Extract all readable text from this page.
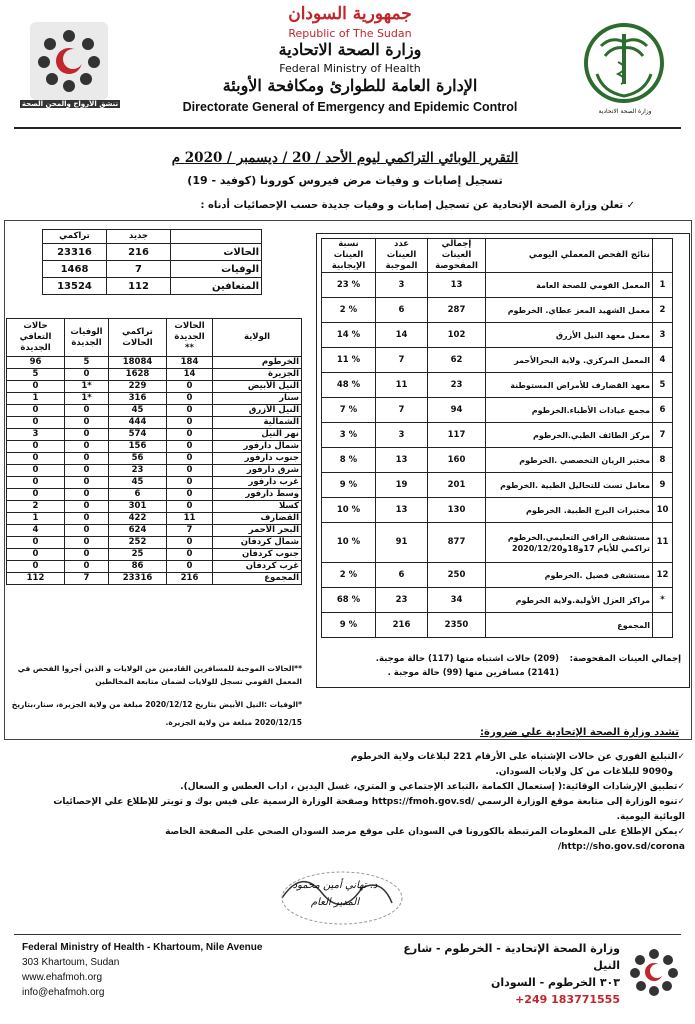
تنشق الأرواح والمحن الصحة
وزارة الصحة الاتحادية
جمهورية السودان
Republic of The Sudan
وزارة الصحة الاتحادية
Federal Ministry of Health
الإدارة العامة للطوارئ ومكافحة الأوبئة
Directorate General of Emergency and Epidemic Control
التقرير الوبائي التراكمي ليوم الأحد / 20 / ديسمبر / 2020 م
تسجيل إصابات و وفيات مرض فيروس كورونا (كوفيد - 19)
✓ تعلن وزارة الصحة الإتحادية عن تسجيل إصابات و وفيات جديدة حسب الإحصائيات أدناه :
تراكمي	جديد	
23316	216	الحالات
1468	7	الوفيات
13524	112	المتعافين
حالات التعافي الجديدة	الوفيات الجديدة	تراكمي الحالات	الحالات الجديدة **	الولاية
96	5	18084	184	الخرطوم
5	0	1628	14	الجزيرة
0	1*	229	0	النيل الأبيض
1	1*	316	0	سنار
0	0	45	0	النيل الأزرق
0	0	444	0	الشمالية
3	0	574	0	نهر النيل
0	0	156	0	شمال دارفور
0	0	56	0	جنوب دارفور
0	0	23	0	شرق دارفور
0	0	45	0	غرب دارفور
0	0	6	0	وسط دارفور
2	0	301	0	كسلا
1	0	422	11	القضارف
4	0	624	7	البحر الأحمر
0	0	252	0	شمال كردفان
0	0	25	0	جنوب كردفان
0	0	86	0	غرب كردفان
112	7	23316	216	المجموع
**الحالات الموجبة للمسافرين القادمين من الولايات و الذين أجروا الفحص في المعمل القومي تسجل للولايات لضمان متابعة المخالطين
*الوفيات :النيل الأبيض بتاريخ 2020/12/12 مبلغة من ولاية الجزيرة، سنار،بتاريخ
2020/12/15 مبلغة من ولاية الجزيرة.
نسبة العينات الإيجابية	عدد العينات الموجبة	إجمالي العينات المفحوصة	نتائج الفحص المعملي اليومي	
23 %	3	13	المعمل القومي للصحة العامة	1
2 %	6	287	معمل الشهيد المعز عطاي. الخرطوم	2
14 %	14	102	معمل معهد النيل الأزرق	3
11 %	7	62	المعمل المركزي. ولاية البحرالأحمر	4
48 %	11	23	معهد القضارف للأمراض المستوطنة	5
7 %	7	94	مجمع عيادات الأطباء.الخرطوم	6
3 %	3	117	مركز الطائف الطبي.الخرطوم	7
8 %	13	160	مختبر الريان التخصصي .الخرطوم	8
9 %	19	201	معامل تست للتحاليل الطبية .الخرطوم	9
10 %	13	130	مختبرات البرج الطبية. الخرطوم	10
10 %	91	877	مستشفى الراقي التعليمي.الخرطوم تراكمي للأيام 17و18و2020/12/20	11
2 %	6	250	مستشفى فضيل .الخرطوم	12
68 %	23	34	مراكز العزل الأولية.ولاية الخرطوم	*
9 %	216	2350	المجموع	
إجمالي العينات المفحوصة:
(209) حالات اشتباه منها (117) حالة موجبة.
(2141) مسافرين منها (99) حالة موجبة .
تشدد وزارة الصحة الإتحادية علي ضرورة:
✓التبليغ الفوري عن حالات الإشتباه على الأرقام 221 لبلاغات ولاية الخرطوم
و9090 للبلاغات من كل ولايات السودان.
✓تطبيق الإرشادات الوقائية:( إستعمال الكمامة ،التباعد الإجتماعي و المتري، غسل اليدين ، اداب العطس و السعال).
✓تنوه الوزارة إلى متابعة موقع الوزارة الرسمي /https://fmoh.gov.sd وصفحة الوزارة الرسمية على فيس بوك و تويتر للإطلاع علي الإحصائيات الوبائية اليومية.
✓يمكن الإطلاع على المعلومات المرتبطة بالكورونا في السودان على موقع مرصد السودان الصحي على الصفحة الخاصة http://sho.gov.sd/corona/
د. تهاني أمين محمود
المدير العام
Federal Ministry of Health - Khartoum, Nile Avenue
303 Khartoum, Sudan
www.ehafmoh.org
info@ehafmoh.org
وزارة الصحة الإتحادية - الخرطوم - شارع النيل
٣٠٣ الخرطوم - السودان
+249 183771555
